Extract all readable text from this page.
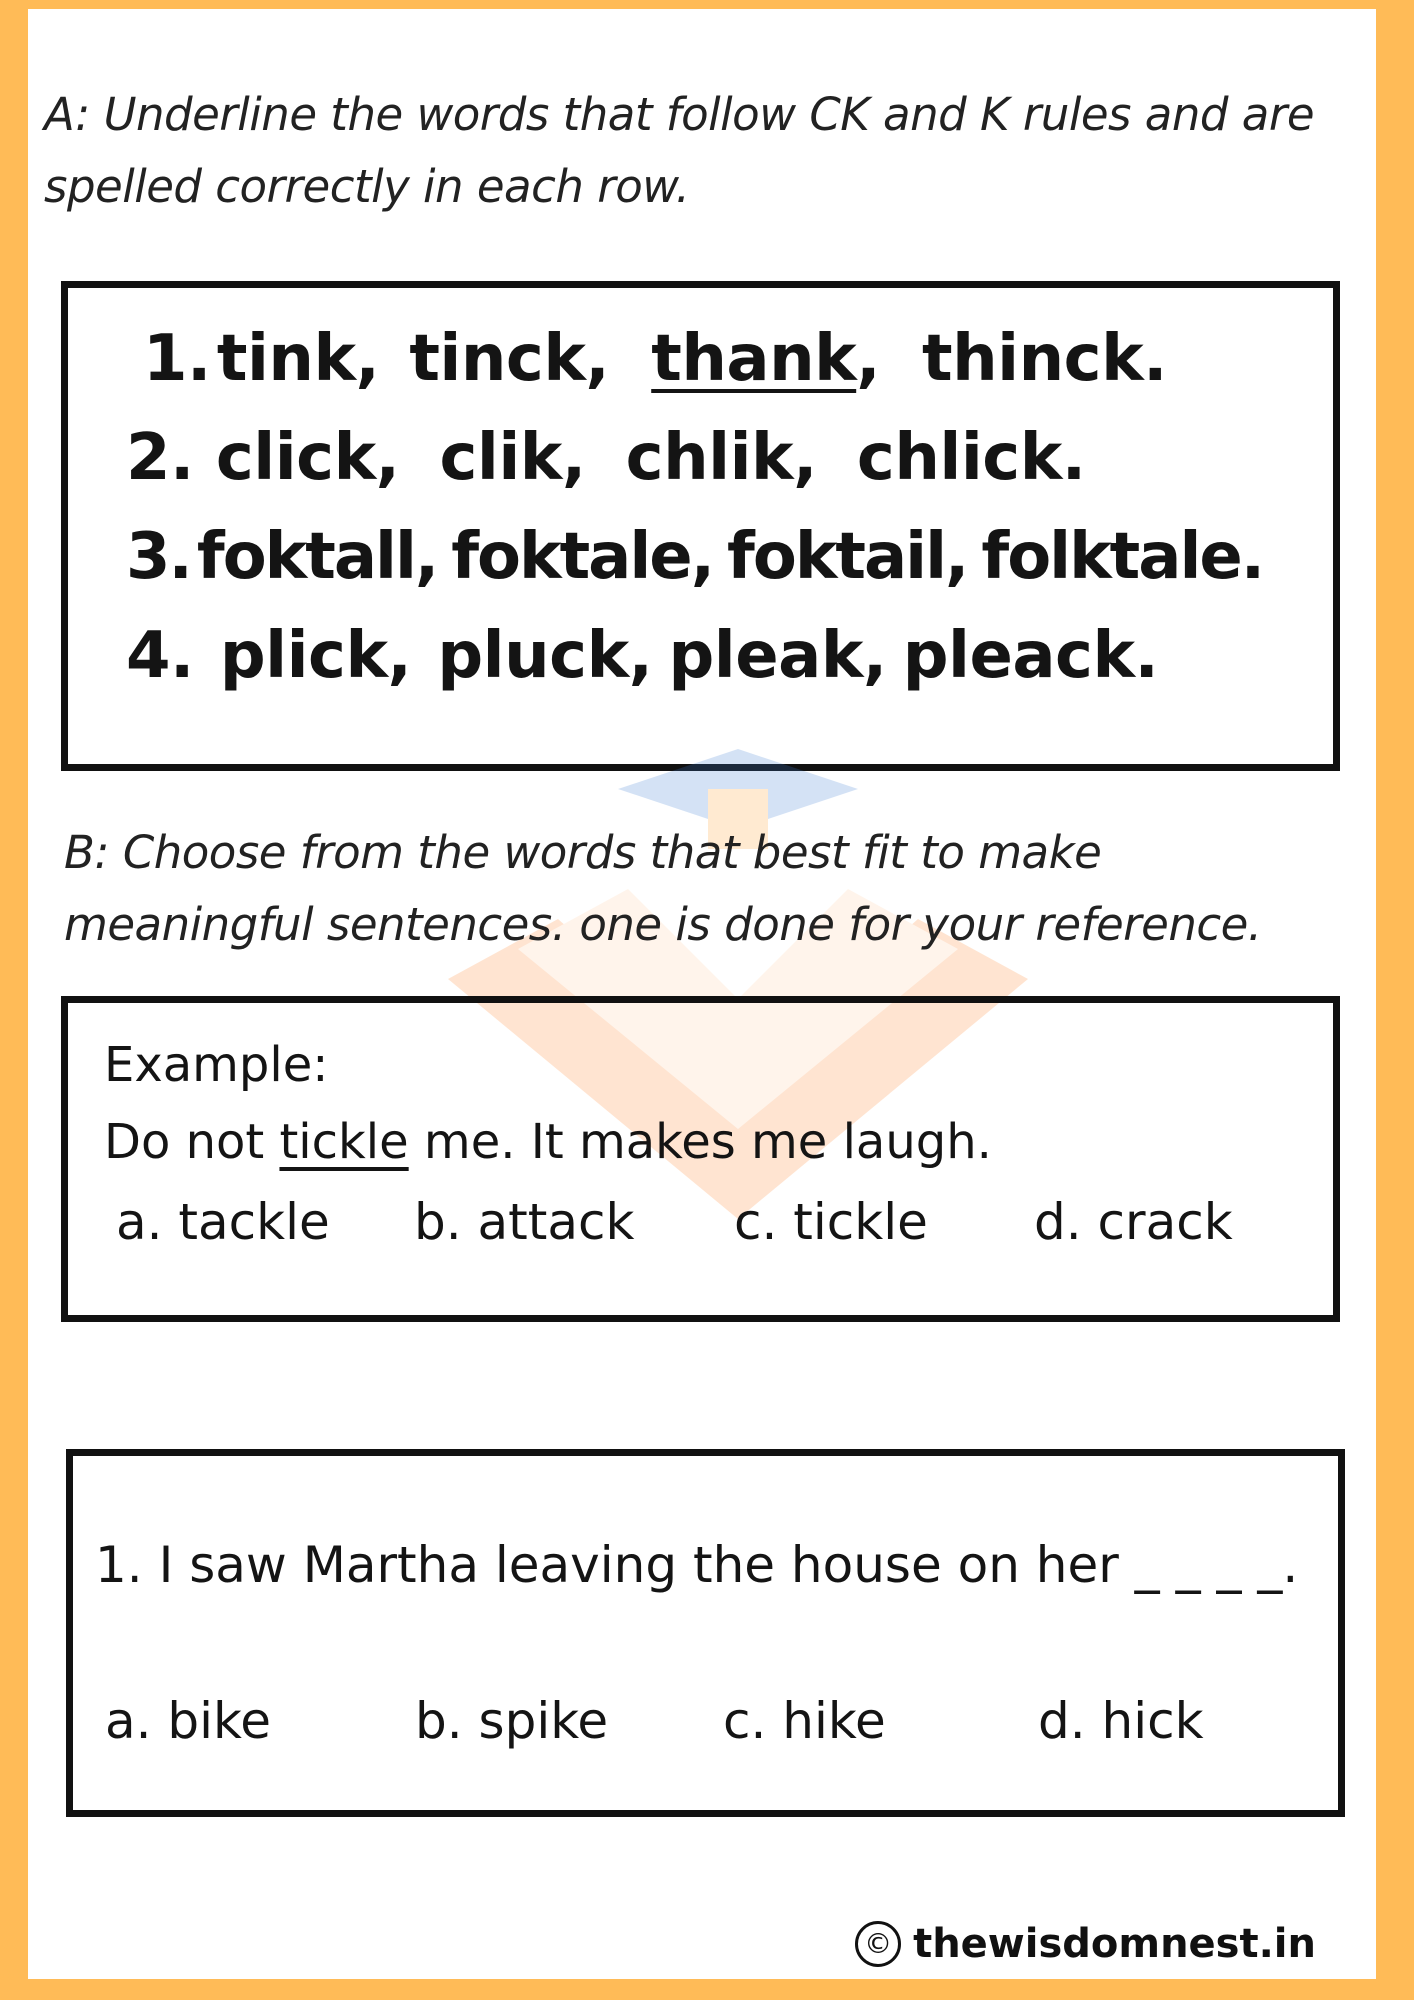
A: Underline the words that follow CK and K rules and are
spelled correctly in each row.

1.tink, tinck, thank, thinck.
2. click, clik, chlik, chlick.
3.foktall, foktale, foktail, folktale.
4. plick, pluck, pleak, pleack.

B: Choose from the words that best fit to make
meaningful sentences. one is done for your reference.

Example:
Do not tickle me. It makes me laugh.
a. tackle b. attack c. tickle d. crack
1. I saw Martha leaving the house on her _ _ _ _.
a. bike	b. spike c. hike	d. hick
© thewisdomnest.in
